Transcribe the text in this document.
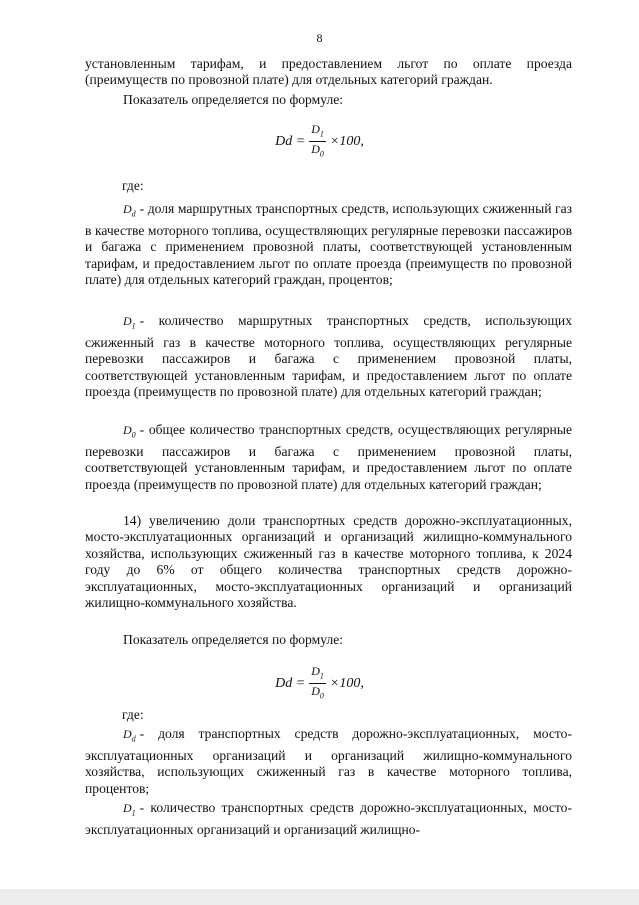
8
установленным тарифам, и предоставлением льгот по оплате проезда (преимуществ по провозной плате) для отдельных категорий граждан.
Показатель определяется по формуле:
$Dd = \frac{D_1}{D_0} \times 100$,
где:
$D_d$ - доля маршрутных транспортных средств, использующих сжиженный газ в качестве моторного топлива, осуществляющих регулярные перевозки пассажиров и багажа с применением провозной платы, соответствующей установленным тарифам, и предоставлением льгот по оплате проезда (преимуществ по провозной плате) для отдельных категорий граждан, процентов;
$D_1$ - количество маршрутных транспортных средств, использующих сжиженный газ в качестве моторного топлива, осуществляющих регулярные перевозки пассажиров и багажа с применением провозной платы, соответствующей установленным тарифам, и предоставлением льгот по оплате проезда (преимуществ по провозной плате) для отдельных категорий граждан;
$D_0$ - общее количество транспортных средств, осуществляющих регулярные перевозки пассажиров и багажа с применением провозной платы, соответствующей установленным тарифам, и предоставлением льгот по оплате проезда (преимуществ по провозной плате) для отдельных категорий граждан;
14) увеличению доли транспортных средств дорожно-эксплуатационных, мосто-эксплуатационных организаций и организаций жилищно-коммунального хозяйства, использующих сжиженный газ в качестве моторного топлива, к 2024 году до 6% от общего количества транспортных средств дорожно-эксплуатационных, мосто-эксплуатационных организаций и организаций жилищно-коммунального хозяйства.
Показатель определяется по формуле:
$Dd = \frac{D_1}{D_0} \times 100$,
где:
$D_d$ - доля транспортных средств дорожно-эксплуатационных, мосто-эксплуатационных организаций и организаций жилищно-коммунального хозяйства, использующих сжиженный газ в качестве моторного топлива, процентов;
$D_1$ - количество транспортных средств дорожно-эксплуатационных, мосто-эксплуатационных организаций и организаций жилищно-
